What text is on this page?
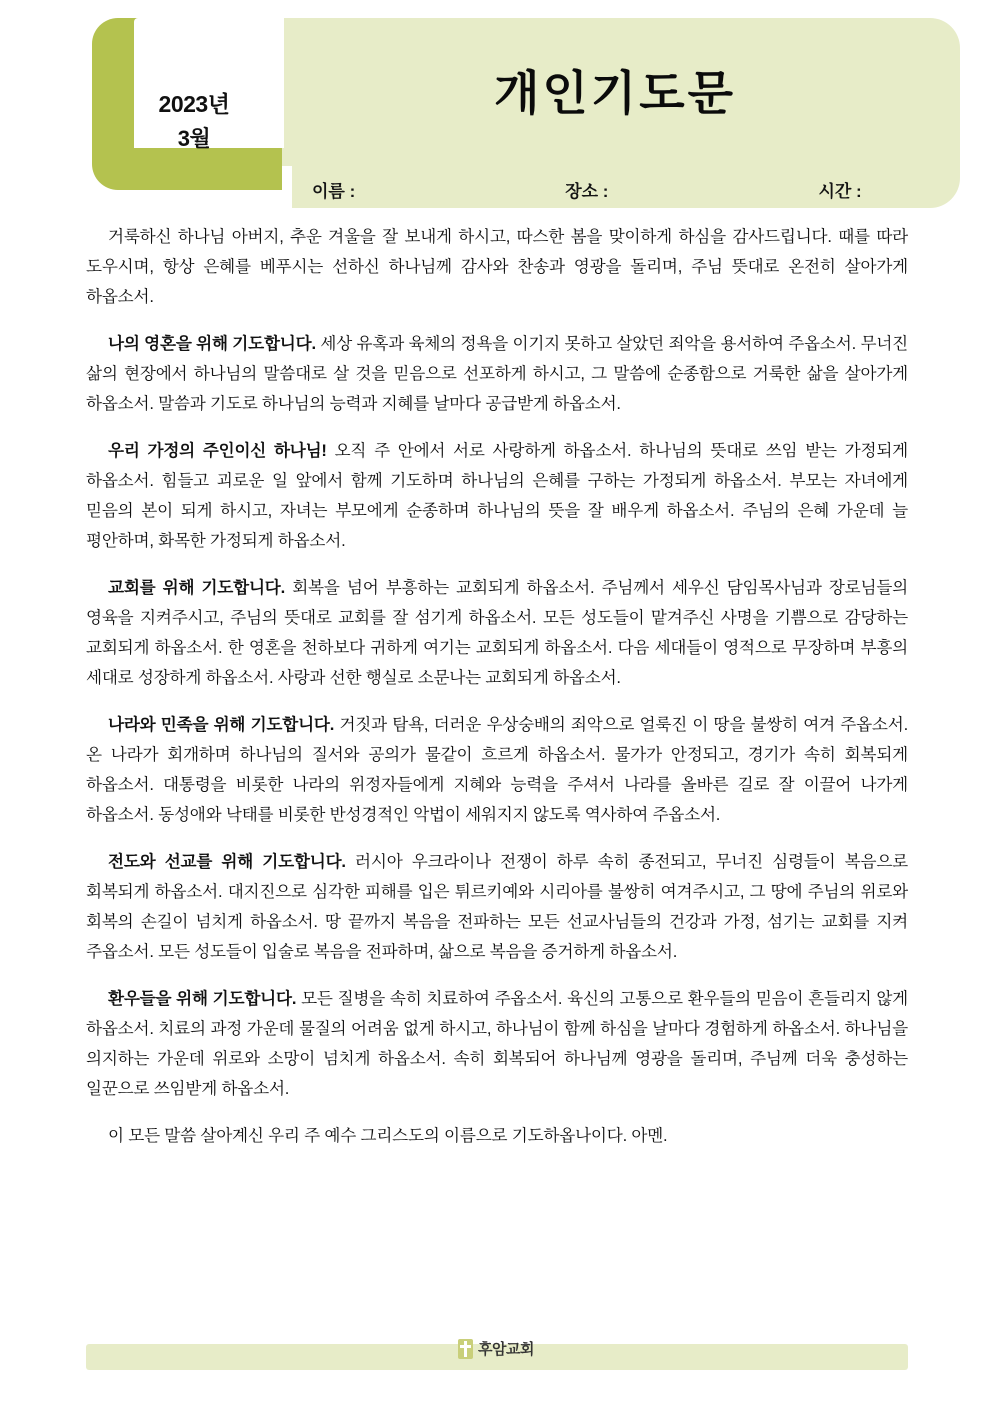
2023년
3월
개인기도문
이름 :	장소 :	시간 :

거룩하신 하나님 아버지, 추운 겨울을 잘 보내게 하시고, 따스한 봄을 맞이하게 하심을 감사드립니다. 때를 따라 도우시며, 항상 은혜를 베푸시는 선하신 하나님께 감사와 찬송과 영광을 돌리며, 주님 뜻대로 온전히 살아가게 하옵소서.

나의 영혼을 위해 기도합니다. 세상 유혹과 육체의 정욕을 이기지 못하고 살았던 죄악을 용서하여 주옵소서. 무너진 삶의 현장에서 하나님의 말씀대로 살 것을 믿음으로 선포하게 하시고, 그 말씀에 순종함으로 거룩한 삶을 살아가게 하옵소서. 말씀과 기도로 하나님의 능력과 지혜를 날마다 공급받게 하옵소서.

우리 가정의 주인이신 하나님! 오직 주 안에서 서로 사랑하게 하옵소서. 하나님의 뜻대로 쓰임 받는 가정되게 하옵소서. 힘들고 괴로운 일 앞에서 함께 기도하며 하나님의 은혜를 구하는 가정되게 하옵소서. 부모는 자녀에게 믿음의 본이 되게 하시고, 자녀는 부모에게 순종하며 하나님의 뜻을 잘 배우게 하옵소서. 주님의 은혜 가운데 늘 평안하며, 화목한 가정되게 하옵소서.

교회를 위해 기도합니다. 회복을 넘어 부흥하는 교회되게 하옵소서. 주님께서 세우신 담임목사님과 장로님들의 영육을 지켜주시고, 주님의 뜻대로 교회를 잘 섬기게 하옵소서. 모든 성도들이 맡겨주신 사명을 기쁨으로 감당하는 교회되게 하옵소서. 한 영혼을 천하보다 귀하게 여기는 교회되게 하옵소서. 다음 세대들이 영적으로 무장하며 부흥의 세대로 성장하게 하옵소서. 사랑과 선한 행실로 소문나는 교회되게 하옵소서.

나라와 민족을 위해 기도합니다. 거짓과 탐욕, 더러운 우상숭배의 죄악으로 얼룩진 이 땅을 불쌍히 여겨 주옵소서. 온 나라가 회개하며 하나님의 질서와 공의가 물같이 흐르게 하옵소서. 물가가 안정되고, 경기가 속히 회복되게 하옵소서. 대통령을 비롯한 나라의 위정자들에게 지혜와 능력을 주셔서 나라를 올바른 길로 잘 이끌어 나가게 하옵소서. 동성애와 낙태를 비롯한 반성경적인 악법이 세워지지 않도록 역사하여 주옵소서.

전도와 선교를 위해 기도합니다. 러시아 우크라이나 전쟁이 하루 속히 종전되고, 무너진 심령들이 복음으로 회복되게 하옵소서. 대지진으로 심각한 피해를 입은 튀르키예와 시리아를 불쌍히 여겨주시고, 그 땅에 주님의 위로와 회복의 손길이 넘치게 하옵소서. 땅 끝까지 복음을 전파하는 모든 선교사님들의 건강과 가정, 섬기는 교회를 지켜 주옵소서. 모든 성도들이 입술로 복음을 전파하며, 삶으로 복음을 증거하게 하옵소서.

환우들을 위해 기도합니다. 모든 질병을 속히 치료하여 주옵소서. 육신의 고통으로 환우들의 믿음이 흔들리지 않게 하옵소서. 치료의 과정 가운데 물질의 어려움 없게 하시고, 하나님이 함께 하심을 날마다 경험하게 하옵소서. 하나님을 의지하는 가운데 위로와 소망이 넘치게 하옵소서. 속히 회복되어 하나님께 영광을 돌리며, 주님께 더욱 충성하는 일꾼으로 쓰임받게 하옵소서.

이 모든 말씀 살아계신 우리 주 예수 그리스도의 이름으로 기도하옵나이다. 아멘.

후암교회
